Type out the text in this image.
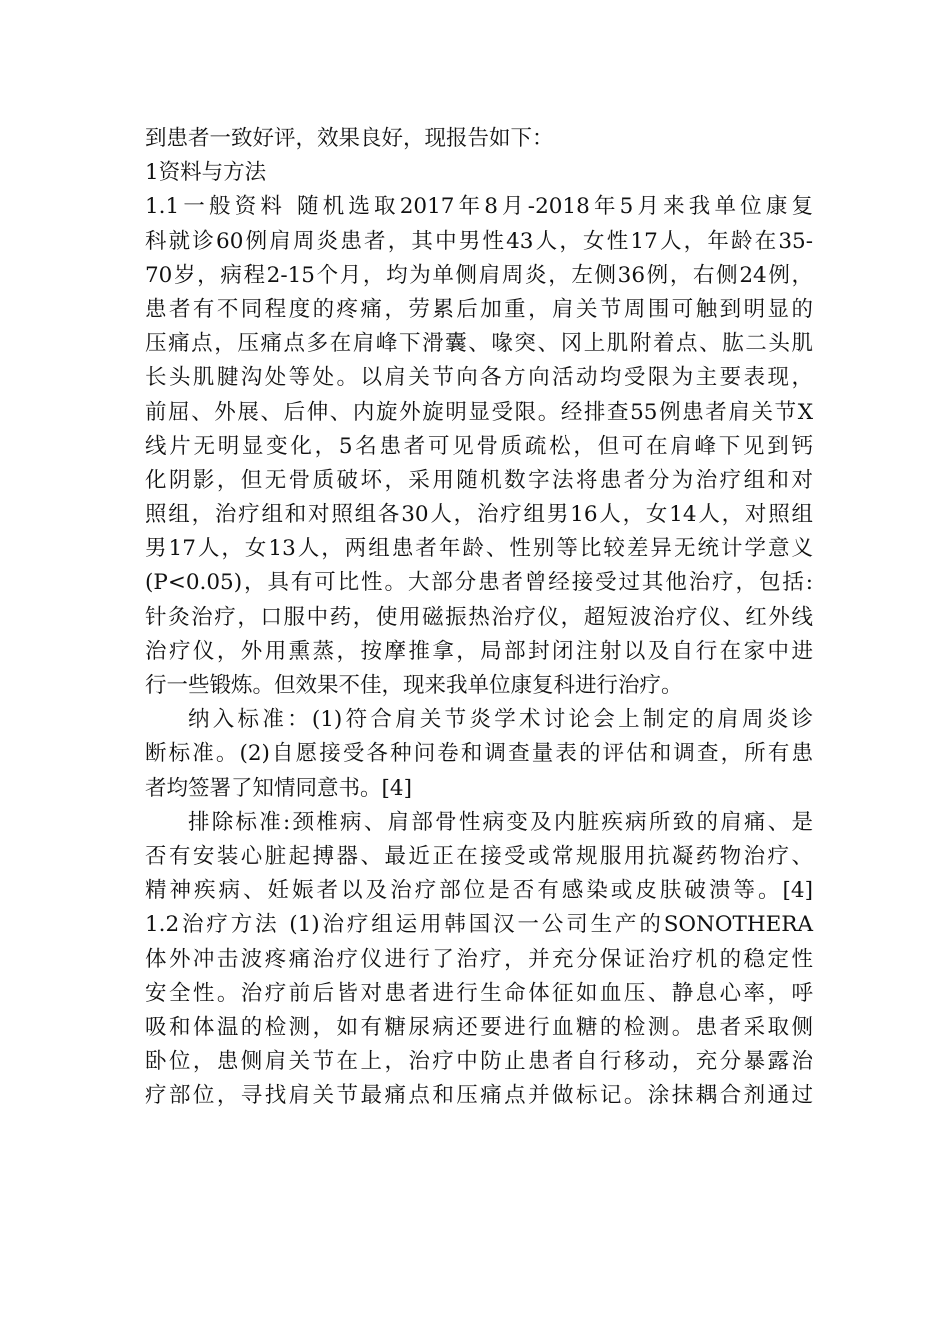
到患者一致好评，效果良好，现报告如下：
1资料与方法
1.1一般资料 随机选取2017年8月-2018年5月来我单位康复
科就诊60例肩周炎患者，其中男性43人，女性17人，年龄在35-
70岁，病程2-15个月，均为单侧肩周炎，左侧36例，右侧24例，
患者有不同程度的疼痛，劳累后加重，肩关节周围可触到明显的
压痛点，压痛点多在肩峰下滑囊、喙突、冈上肌附着点、肱二头肌
长头肌腱沟处等处。以肩关节向各方向活动均受限为主要表现，
前屈、外展、后伸、内旋外旋明显受限。经排查55例患者肩关节X
线片无明显变化，5名患者可见骨质疏松，但可在肩峰下见到钙
化阴影，但无骨质破坏，采用随机数字法将患者分为治疗组和对
照组，治疗组和对照组各30人，治疗组男16人，女14人，对照组
男17人，女13人，两组患者年龄、性别等比较差异无统计学意义
(P<0.05)，具有可比性。大部分患者曾经接受过其他治疗，包括:
针灸治疗，口服中药，使用磁振热治疗仪，超短波治疗仪、红外线
治疗仪，外用熏蒸，按摩推拿，局部封闭注射以及自行在家中进
行一些锻炼。但效果不佳，现来我单位康复科进行治疗。
纳入标准：(1)符合肩关节炎学术讨论会上制定的肩周炎诊
断标准。(2)自愿接受各种问卷和调查量表的评估和调查，所有患
者均签署了知情同意书。[4]
排除标准:颈椎病、肩部骨性病变及内脏疾病所致的肩痛、是
否有安装心脏起搏器、最近正在接受或常规服用抗凝药物治疗、
精神疾病、妊娠者以及治疗部位是否有感染或皮肤破溃等。[4]
1.2治疗方法 (1)治疗组运用韩国汉一公司生产的SONOTHERA
体外冲击波疼痛治疗仪进行了治疗，并充分保证治疗机的稳定性
安全性。治疗前后皆对患者进行生命体征如血压、静息心率，呼
吸和体温的检测，如有糖尿病还要进行血糖的检测。患者采取侧
卧位，患侧肩关节在上，治疗中防止患者自行移动，充分暴露治
疗部位，寻找肩关节最痛点和压痛点并做标记。涂抹耦合剂通过
